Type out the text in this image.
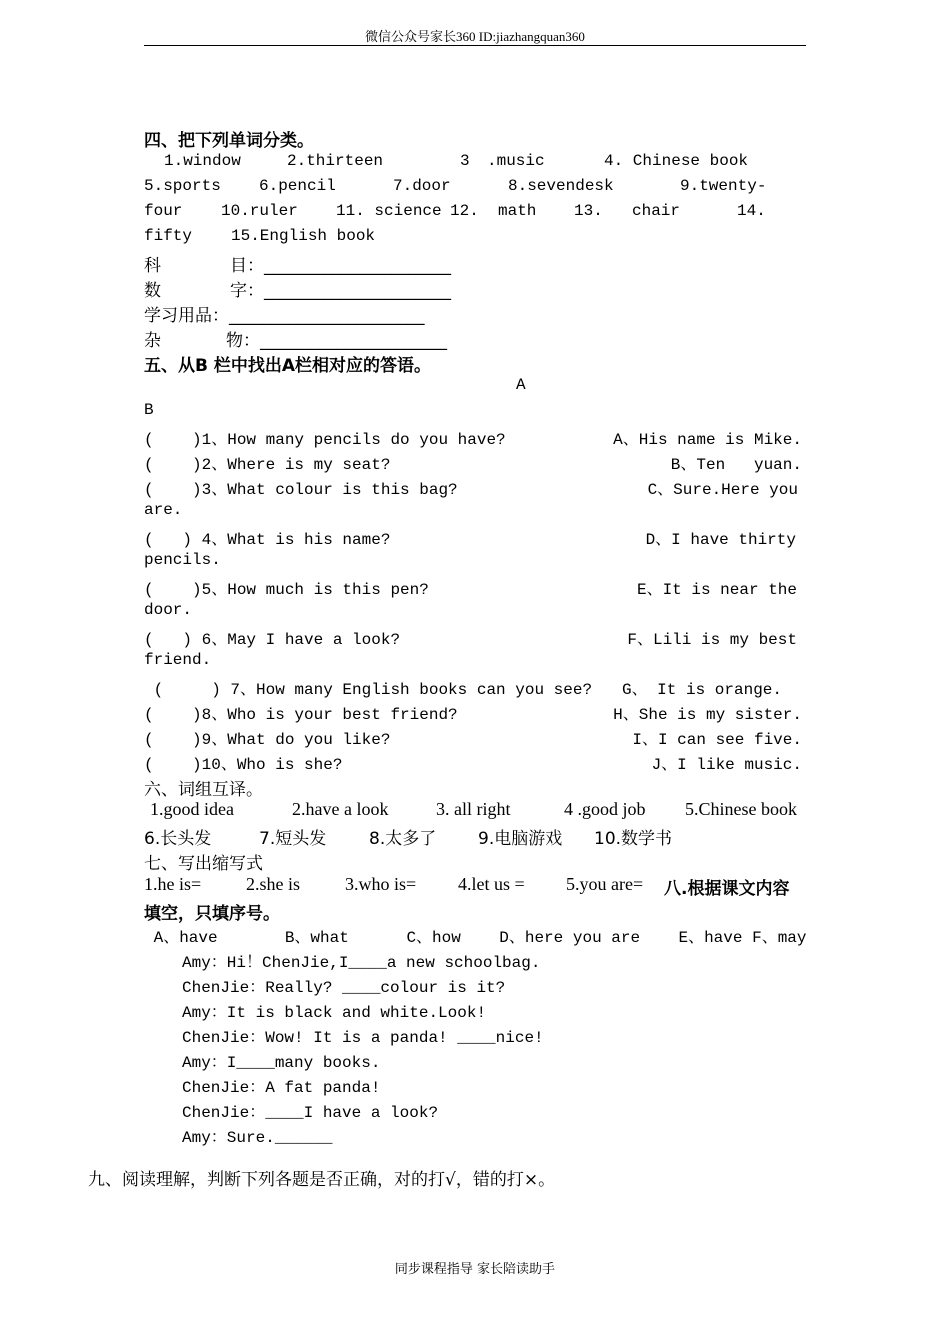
微信公众号家长360 ID:jiazhangquan360
四、把下列单词分类。
1.window	2.thirteen	3 .music	4. Chinese book
5.sports 6.pencil	7.door	8.sevendesk	9.twenty-
four 10.ruler 11. science 12. math 13. chair	14.
fifty 15.English book
科	目：______________________
数	字：______________________
学习用品：_______________________
杂	物：______________________
五、从B 栏中找出A栏相对应的答语。
A
B
(    )1、How many pencils do you have?	A、His name is Mike.
(    )2、Where is my seat?	B、Ten   yuan.
(    )3、What colour is this bag?	C、Sure.Here you
are.
(   ) 4、What is his name?	D、I have thirty
pencils.
(    )5、How much is this pen?	E、It is near the
door.
(   ) 6、May I have a look?	F、Lili is my best
friend.
(     ) 7、How many English books can you see? G、 It is orange.
(    )8、Who is your best friend?	H、She is my sister.
(    )9、What do you like?	I、I can see five.
(    )10、Who is she?	J、I like music.
六、词组互译。
1.good idea	2.have a look	3. all right	4 .good job 5.Chinese book
6.长头发	7.短头发	8.太多了 9.电脑游戏 10.数学书
七、写出缩写式
1.he is= 2.she is	3.who is= 4.let us = 5.you are= 八.根据课文内容
填空，只填序号。
A、have       B、what      C、how    D、here you are    E、have F、may
Amy：Hi！ChenJie,I____a new schoolbag.
ChenJie：Really? ____colour is it?
Amy：It is black and white.Look!
ChenJie：Wow! It is a panda! ____nice!
Amy：I____many books.
ChenJie：A fat panda!
ChenJie：____I have a look?
Amy：Sure.______
九、阅读理解，判断下列各题是否正确，对的打√，错的打×。
同步课程指导 家长陪读助手
